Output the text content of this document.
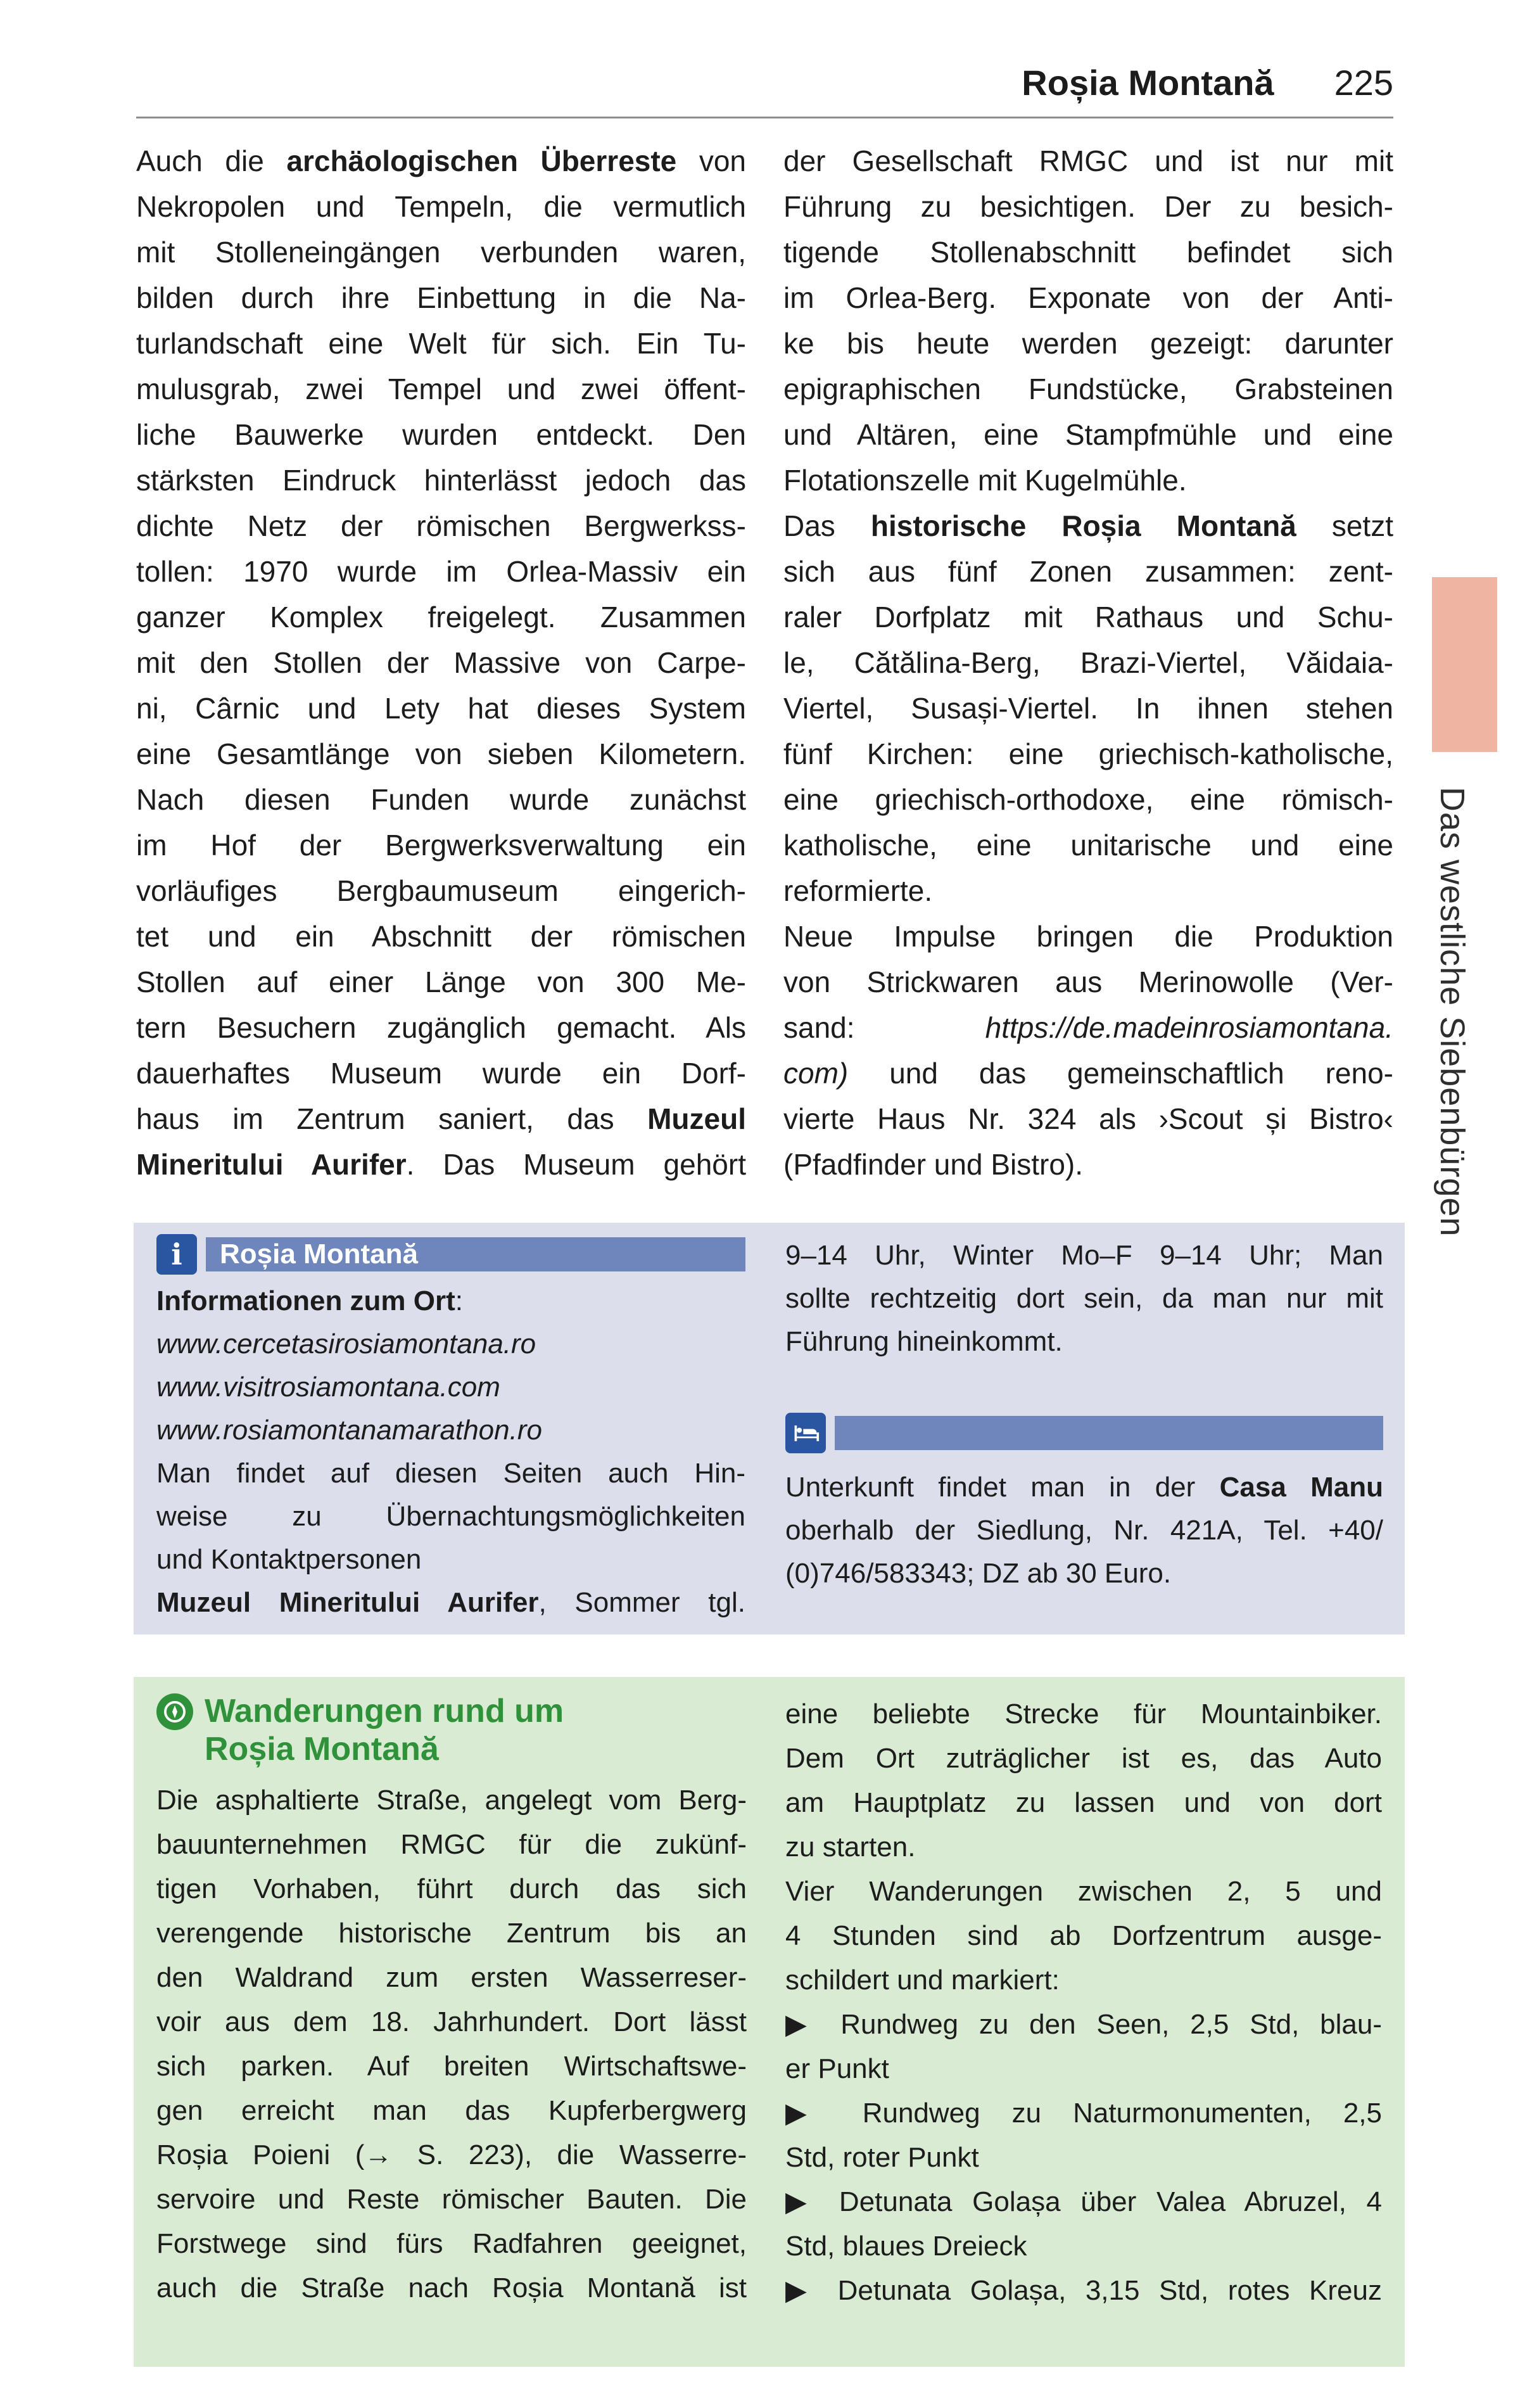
Roșia Montană 225
Auch die archäologischen Überreste von
Nekropolen und Tempeln, die vermutlich
mit Stolleneingängen verbunden waren,
bilden durch ihre Einbettung in die Na-
turlandschaft eine Welt für sich. Ein Tu-
mulusgrab, zwei Tempel und zwei öffent-
liche Bauwerke wurden entdeckt. Den
stärksten Eindruck hinterlässt jedoch das
dichte Netz der römischen Bergwerkss-
tollen: 1970 wurde im Orlea-Massiv ein
ganzer Komplex freigelegt. Zusammen
mit den Stollen der Massive von Carpe-
ni, Cârnic und Lety hat dieses System
eine Gesamtlänge von sieben Kilometern.
Nach diesen Funden wurde zunächst
im Hof der Bergwerksverwaltung ein
vorläufiges Bergbaumuseum eingerich-
tet und ein Abschnitt der römischen
Stollen auf einer Länge von 300 Me-
tern Besuchern zugänglich gemacht. Als
dauerhaftes Museum wurde ein Dorf-
haus im Zentrum saniert, das Muzeul
Mineritului Aurifer. Das Museum gehört
der Gesellschaft RMGC und ist nur mit
Führung zu besichtigen. Der zu besich-
tigende Stollenabschnitt befindet sich
im Orlea-Berg. Exponate von der Anti-
ke bis heute werden gezeigt: darunter
epigraphischen Fundstücke, Grabsteinen
und Altären, eine Stampfmühle und eine
Flotationszelle mit Kugelmühle.
Das historische Roșia Montană setzt
sich aus fünf Zonen zusammen: zent-
raler Dorfplatz mit Rathaus und Schu-
le, Cătălina-Berg, Brazi-Viertel, Văidaia-
Viertel, Susași-Viertel. In ihnen stehen
fünf Kirchen: eine griechisch-katholische,
eine griechisch-orthodoxe, eine römisch-
katholische, eine unitarische und eine
reformierte.
Neue Impulse bringen die Produktion
von Strickwaren aus Merinowolle (Ver-
sand: https://de.madeinrosiamontana.
com) und das gemeinschaftlich reno-
vierte Haus Nr. 324 als ›Scout și Bistro‹
(Pfadfinder und Bistro).
i Roșia Montană
Informationen zum Ort:
www.cercetasirosiamontana.ro
www.visitrosiamontana.com
www.rosiamontanamarathon.ro
Man findet auf diesen Seiten auch Hin-
weise zu Übernachtungsmöglichkeiten
und Kontaktpersonen
Muzeul Mineritului Aurifer, Sommer tgl.
9–14 Uhr, Winter Mo–F 9–14 Uhr; Man
sollte rechtzeitig dort sein, da man nur mit
Führung hineinkommt.
Unterkunft findet man in der Casa Manu
oberhalb der Siedlung, Nr. 421A, Tel. +40/
(0)746/583343; DZ ab 30 Euro.
Wanderungen rund um
Roșia Montană
Die asphaltierte Straße, angelegt vom Berg-
bauunternehmen RMGC für die zukünf-
tigen Vorhaben, führt durch das sich
verengende historische Zentrum bis an
den Waldrand zum ersten Wasserreser-
voir aus dem 18. Jahrhundert. Dort lässt
sich parken. Auf breiten Wirtschaftswe-
gen erreicht man das Kupferbergwerg
Roșia Poieni (→ S. 223), die Wasserre-
servoire und Reste römischer Bauten. Die
Forstwege sind fürs Radfahren geeignet,
auch die Straße nach Roșia Montană ist
eine beliebte Strecke für Mountainbiker.
Dem Ort zuträglicher ist es, das Auto
am Hauptplatz zu lassen und von dort
zu starten.
Vier Wanderungen zwischen 2, 5 und
4 Stunden sind ab Dorfzentrum ausge-
schildert und markiert:
▶ Rundweg zu den Seen, 2,5 Std, blau-
er Punkt
▶ Rundweg zu Naturmonumenten, 2,5
Std, roter Punkt
▶ Detunata Golașa über Valea Abruzel, 4
Std, blaues Dreieck
▶ Detunata Golașa, 3,15 Std, rotes Kreuz
Das westliche Siebenbürgen
